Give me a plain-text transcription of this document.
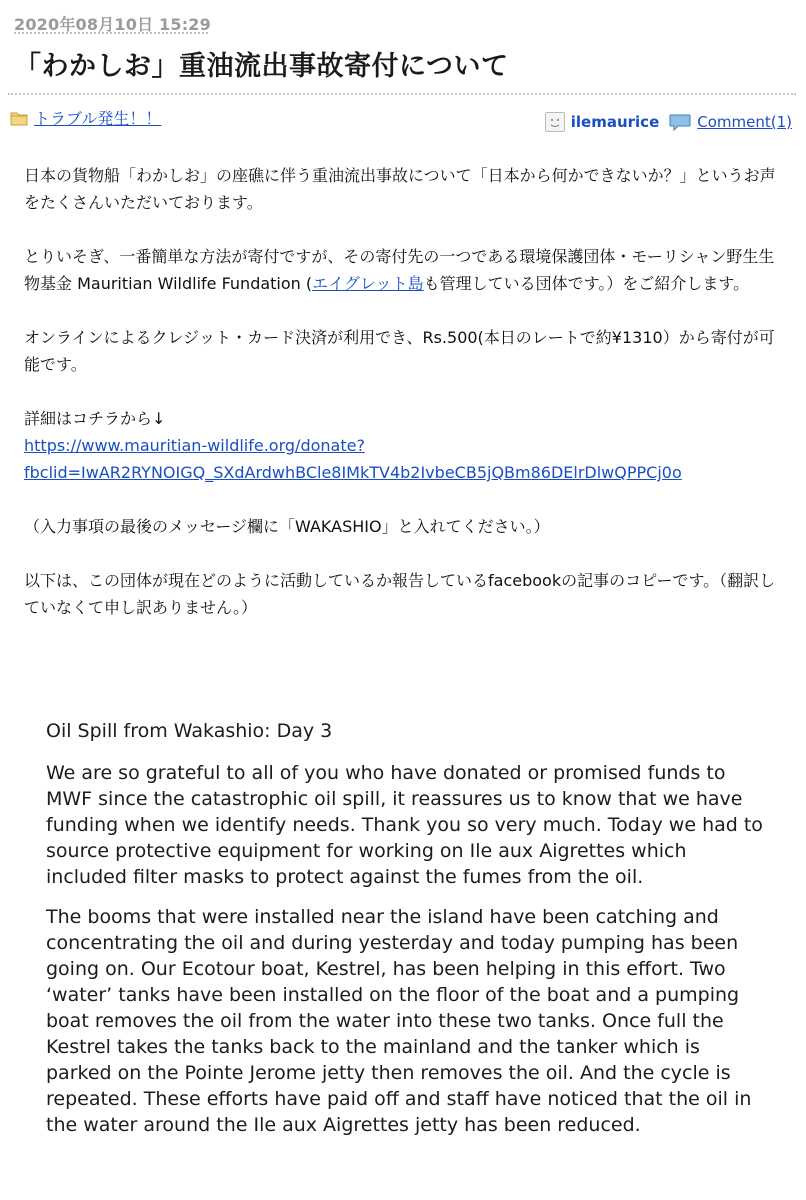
2020年08月10日 15:29
「わかしお」重油流出事故寄付について
トラブル発生！！	ilemaurice	Comment(1)

日本の貨物船「わかしお」の座礁に伴う重油流出事故について「日本から何かできないか？」というお声をたくさんいただいております。

とりいそぎ、一番簡単な方法が寄付ですが、その寄付先の一つである環境保護団体・モーリシャン野生生物基金 Mauritian Wildlife Fundation (エイグレット島も管理している団体です。）をご紹介します。

オンラインによるクレジット・カード決済が利用でき、Rs.500(本日のレートで約¥1310）から寄付が可能です。

詳細はコチラから↓
https://www.mauritian-wildlife.org/donate?
fbclid=IwAR2RYNOIGQ_SXdArdwhBCle8IMkTV4b2IvbeCB5jQBm86DElrDlwQPPCj0o

（入力事項の最後のメッセージ欄に「WAKASHIO」と入れてください。）

以下は、この団体が現在どのように活動しているか報告しているfacebookの記事のコピーです。（翻訳していなくて申し訳ありません。）

Oil Spill from Wakashio: Day 3

We are so grateful to all of you who have donated or promised funds to MWF since the catastrophic oil spill, it reassures us to know that we have funding when we identify needs. Thank you so very much. Today we had to source protective equipment for working on Ile aux Aigrettes which included filter masks to protect against the fumes from the oil.

The booms that were installed near the island have been catching and concentrating the oil and during yesterday and today pumping has been going on. Our Ecotour boat, Kestrel, has been helping in this effort. Two ‘water’ tanks have been installed on the floor of the boat and a pumping boat removes the oil from the water into these two tanks. Once full the Kestrel takes the tanks back to the mainland and the tanker which is parked on the Pointe Jerome jetty then removes the oil. And the cycle is repeated. These efforts have paid off and staff have noticed that the oil in the water around the Ile aux Aigrettes jetty has been reduced.
